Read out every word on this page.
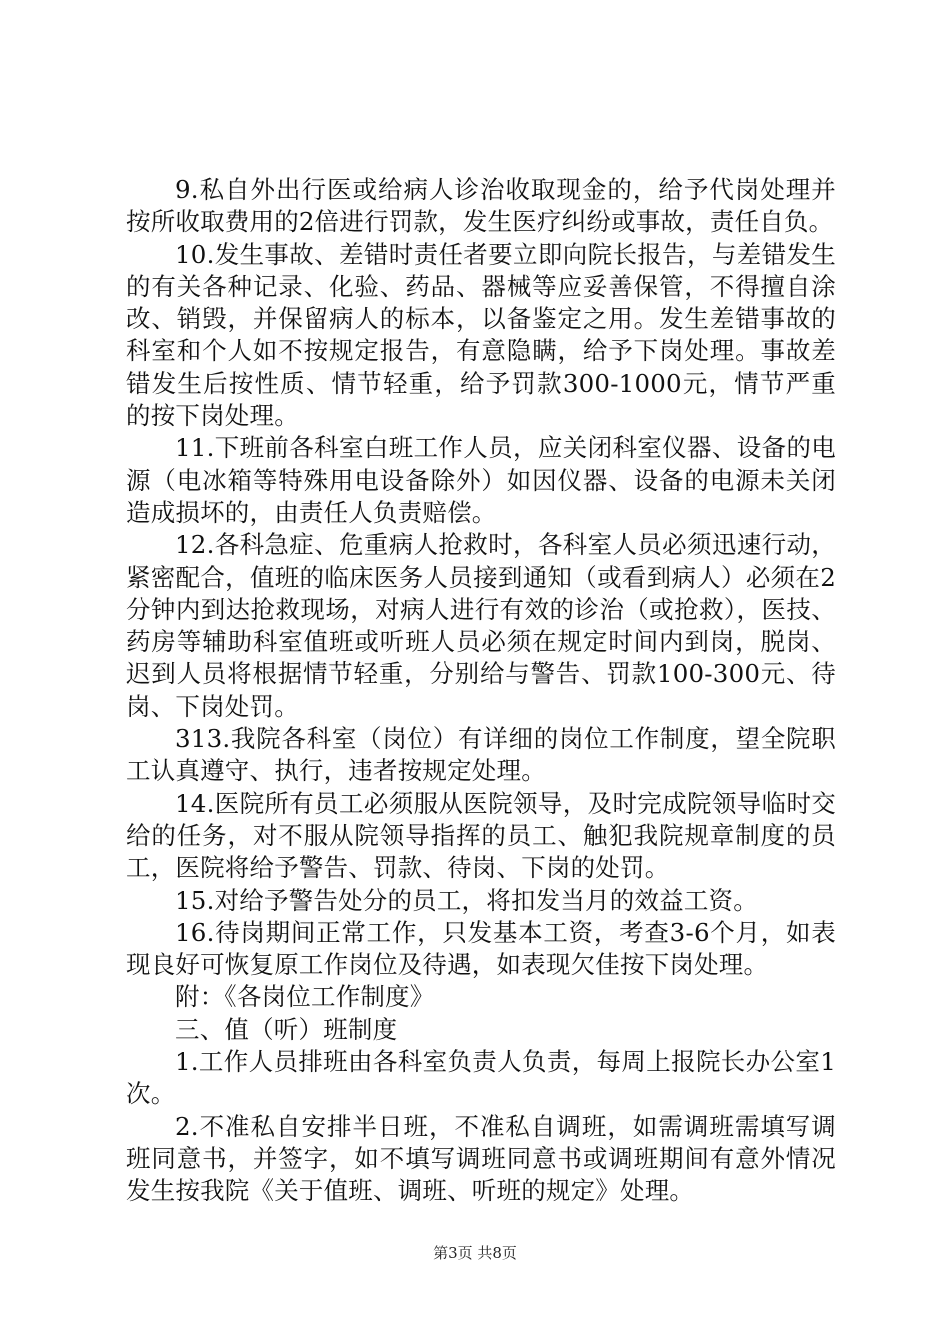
9.私自外出行医或给病人诊治收取现金的，给予代岗处理并按所收取费用的2倍进行罚款，发生医疗纠纷或事故，责任自负。

10.发生事故、差错时责任者要立即向院长报告，与差错发生的有关各种记录、化验、药品、器械等应妥善保管，不得擅自涂改、销毁，并保留病人的标本，以备鉴定之用。发生差错事故的科室和个人如不按规定报告，有意隐瞒，给予下岗处理。事故差错发生后按性质、情节轻重，给予罚款300-1000元，情节严重的按下岗处理。

11.下班前各科室白班工作人员，应关闭科室仪器、设备的电源（电冰箱等特殊用电设备除外）如因仪器、设备的电源未关闭造成损坏的，由责任人负责赔偿。

12.各科急症、危重病人抢救时，各科室人员必须迅速行动，紧密配合，值班的临床医务人员接到通知（或看到病人）必须在2分钟内到达抢救现场，对病人进行有效的诊治（或抢救），医技、药房等辅助科室值班或听班人员必须在规定时间内到岗，脱岗、迟到人员将根据情节轻重，分别给与警告、罚款100-300元、待岗、下岗处罚。

313.我院各科室（岗位）有详细的岗位工作制度，望全院职工认真遵守、执行，违者按规定处理。

14.医院所有员工必须服从医院领导，及时完成院领导临时交给的任务，对不服从院领导指挥的员工、触犯我院规章制度的员工，医院将给予警告、罚款、待岗、下岗的处罚。

15.对给予警告处分的员工，将扣发当月的效益工资。

16.待岗期间正常工作，只发基本工资，考查3-6个月，如表现良好可恢复原工作岗位及待遇，如表现欠佳按下岗处理。

附：《各岗位工作制度》

三、值（听）班制度

1.工作人员排班由各科室负责人负责，每周上报院长办公室1次。

2.不准私自安排半日班，不准私自调班，如需调班需填写调班同意书，并签字，如不填写调班同意书或调班期间有意外情况发生按我院《关于值班、调班、听班的规定》处理。

第3页 共8页
